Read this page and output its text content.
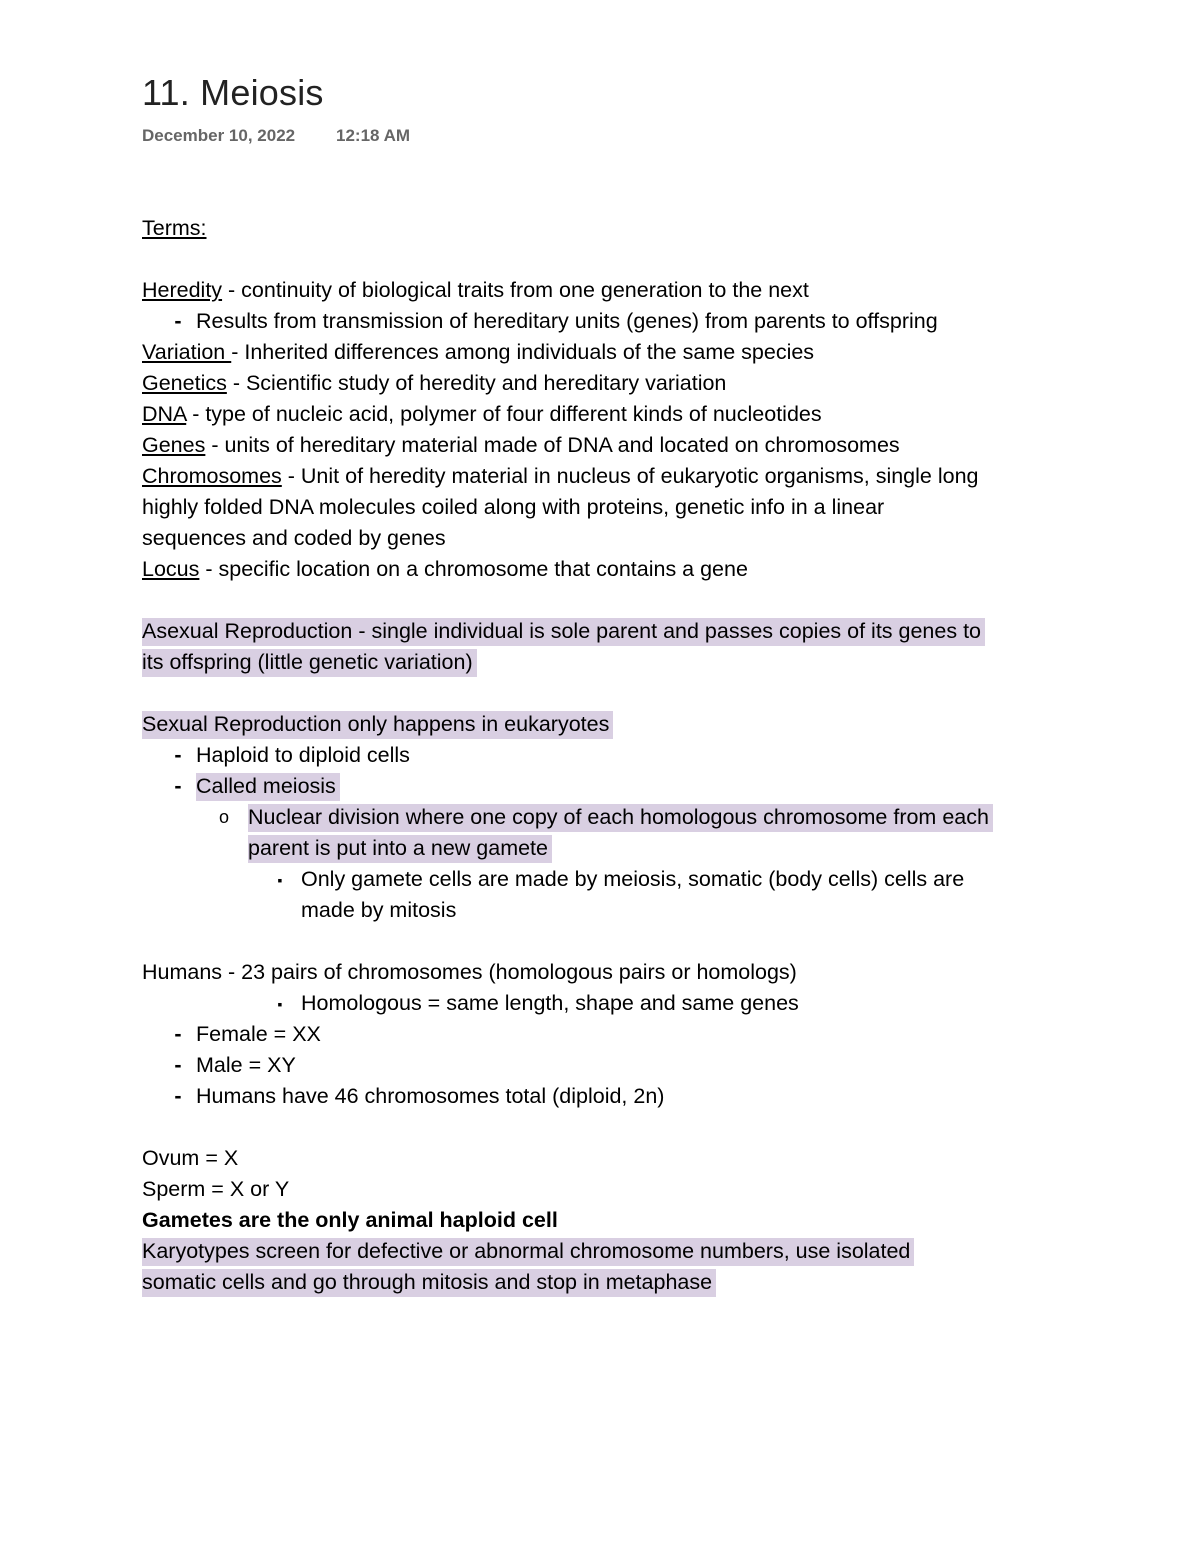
11. Meiosis
December 10, 2022 12:18 AM
Terms:
Heredity - continuity of biological traits from one generation to the next
- Results from transmission of hereditary units (genes) from parents to offspring
Variation - Inherited differences among individuals of the same species
Genetics - Scientific study of heredity and hereditary variation
DNA - type of nucleic acid, polymer of four different kinds of nucleotides
Genes - units of hereditary material made of DNA and located on chromosomes
Chromosomes - Unit of heredity material in nucleus of eukaryotic organisms, single long
highly folded DNA molecules coiled along with proteins, genetic info in a linear
sequences and coded by genes
Locus - specific location on a chromosome that contains a gene
Asexual Reproduction - single individual is sole parent and passes copies of its genes to
its offspring (little genetic variation)
Sexual Reproduction only happens in eukaryotes
- Haploid to diploid cells
- Called meiosis
o Nuclear division where one copy of each homologous chromosome from each
parent is put into a new gamete
▪ Only gamete cells are made by meiosis, somatic (body cells) cells are
made by mitosis
Humans - 23 pairs of chromosomes (homologous pairs or homologs)
▪ Homologous = same length, shape and same genes
- Female = XX
- Male = XY
- Humans have 46 chromosomes total (diploid, 2n)
Ovum = X
Sperm = X or Y
Gametes are the only animal haploid cell
Karyotypes screen for defective or abnormal chromosome numbers, use isolated
somatic cells and go through mitosis and stop in metaphase
